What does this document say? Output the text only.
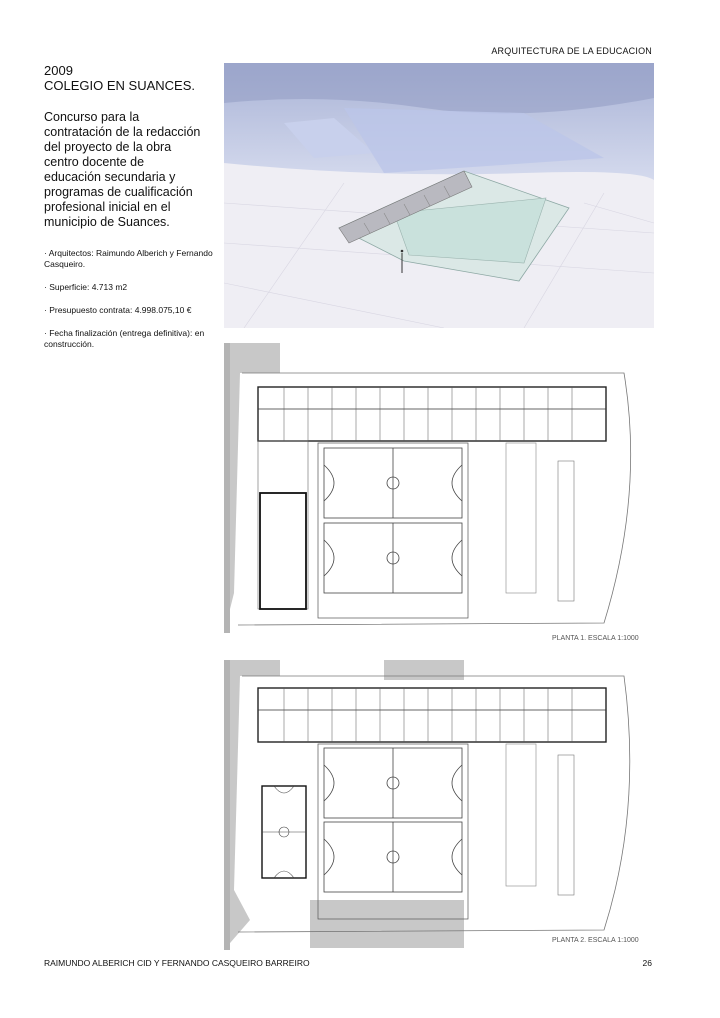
ARQUITECTURA DE LA EDUCACION
2009
COLEGIO EN SUANCES.
Concurso para la contratación de la redacción del proyecto de la obra centro docente de educación secundaria y programas de cualificación profesional inicial en el municipio de Suances.

· Arquitectos: Raimundo Alberich y Fernando Casqueiro.

· Superficie: 4.713 m2

· Presupuesto contrata: 4.998.075,10 €

· Fecha finalización (entrega definitiva): en construcción.

PLANTA 1. ESCALA 1:1000
PLANTA 2. ESCALA 1:1000
RAIMUNDO ALBERICH CID Y FERNANDO CASQUEIRO BARREIRO	26
